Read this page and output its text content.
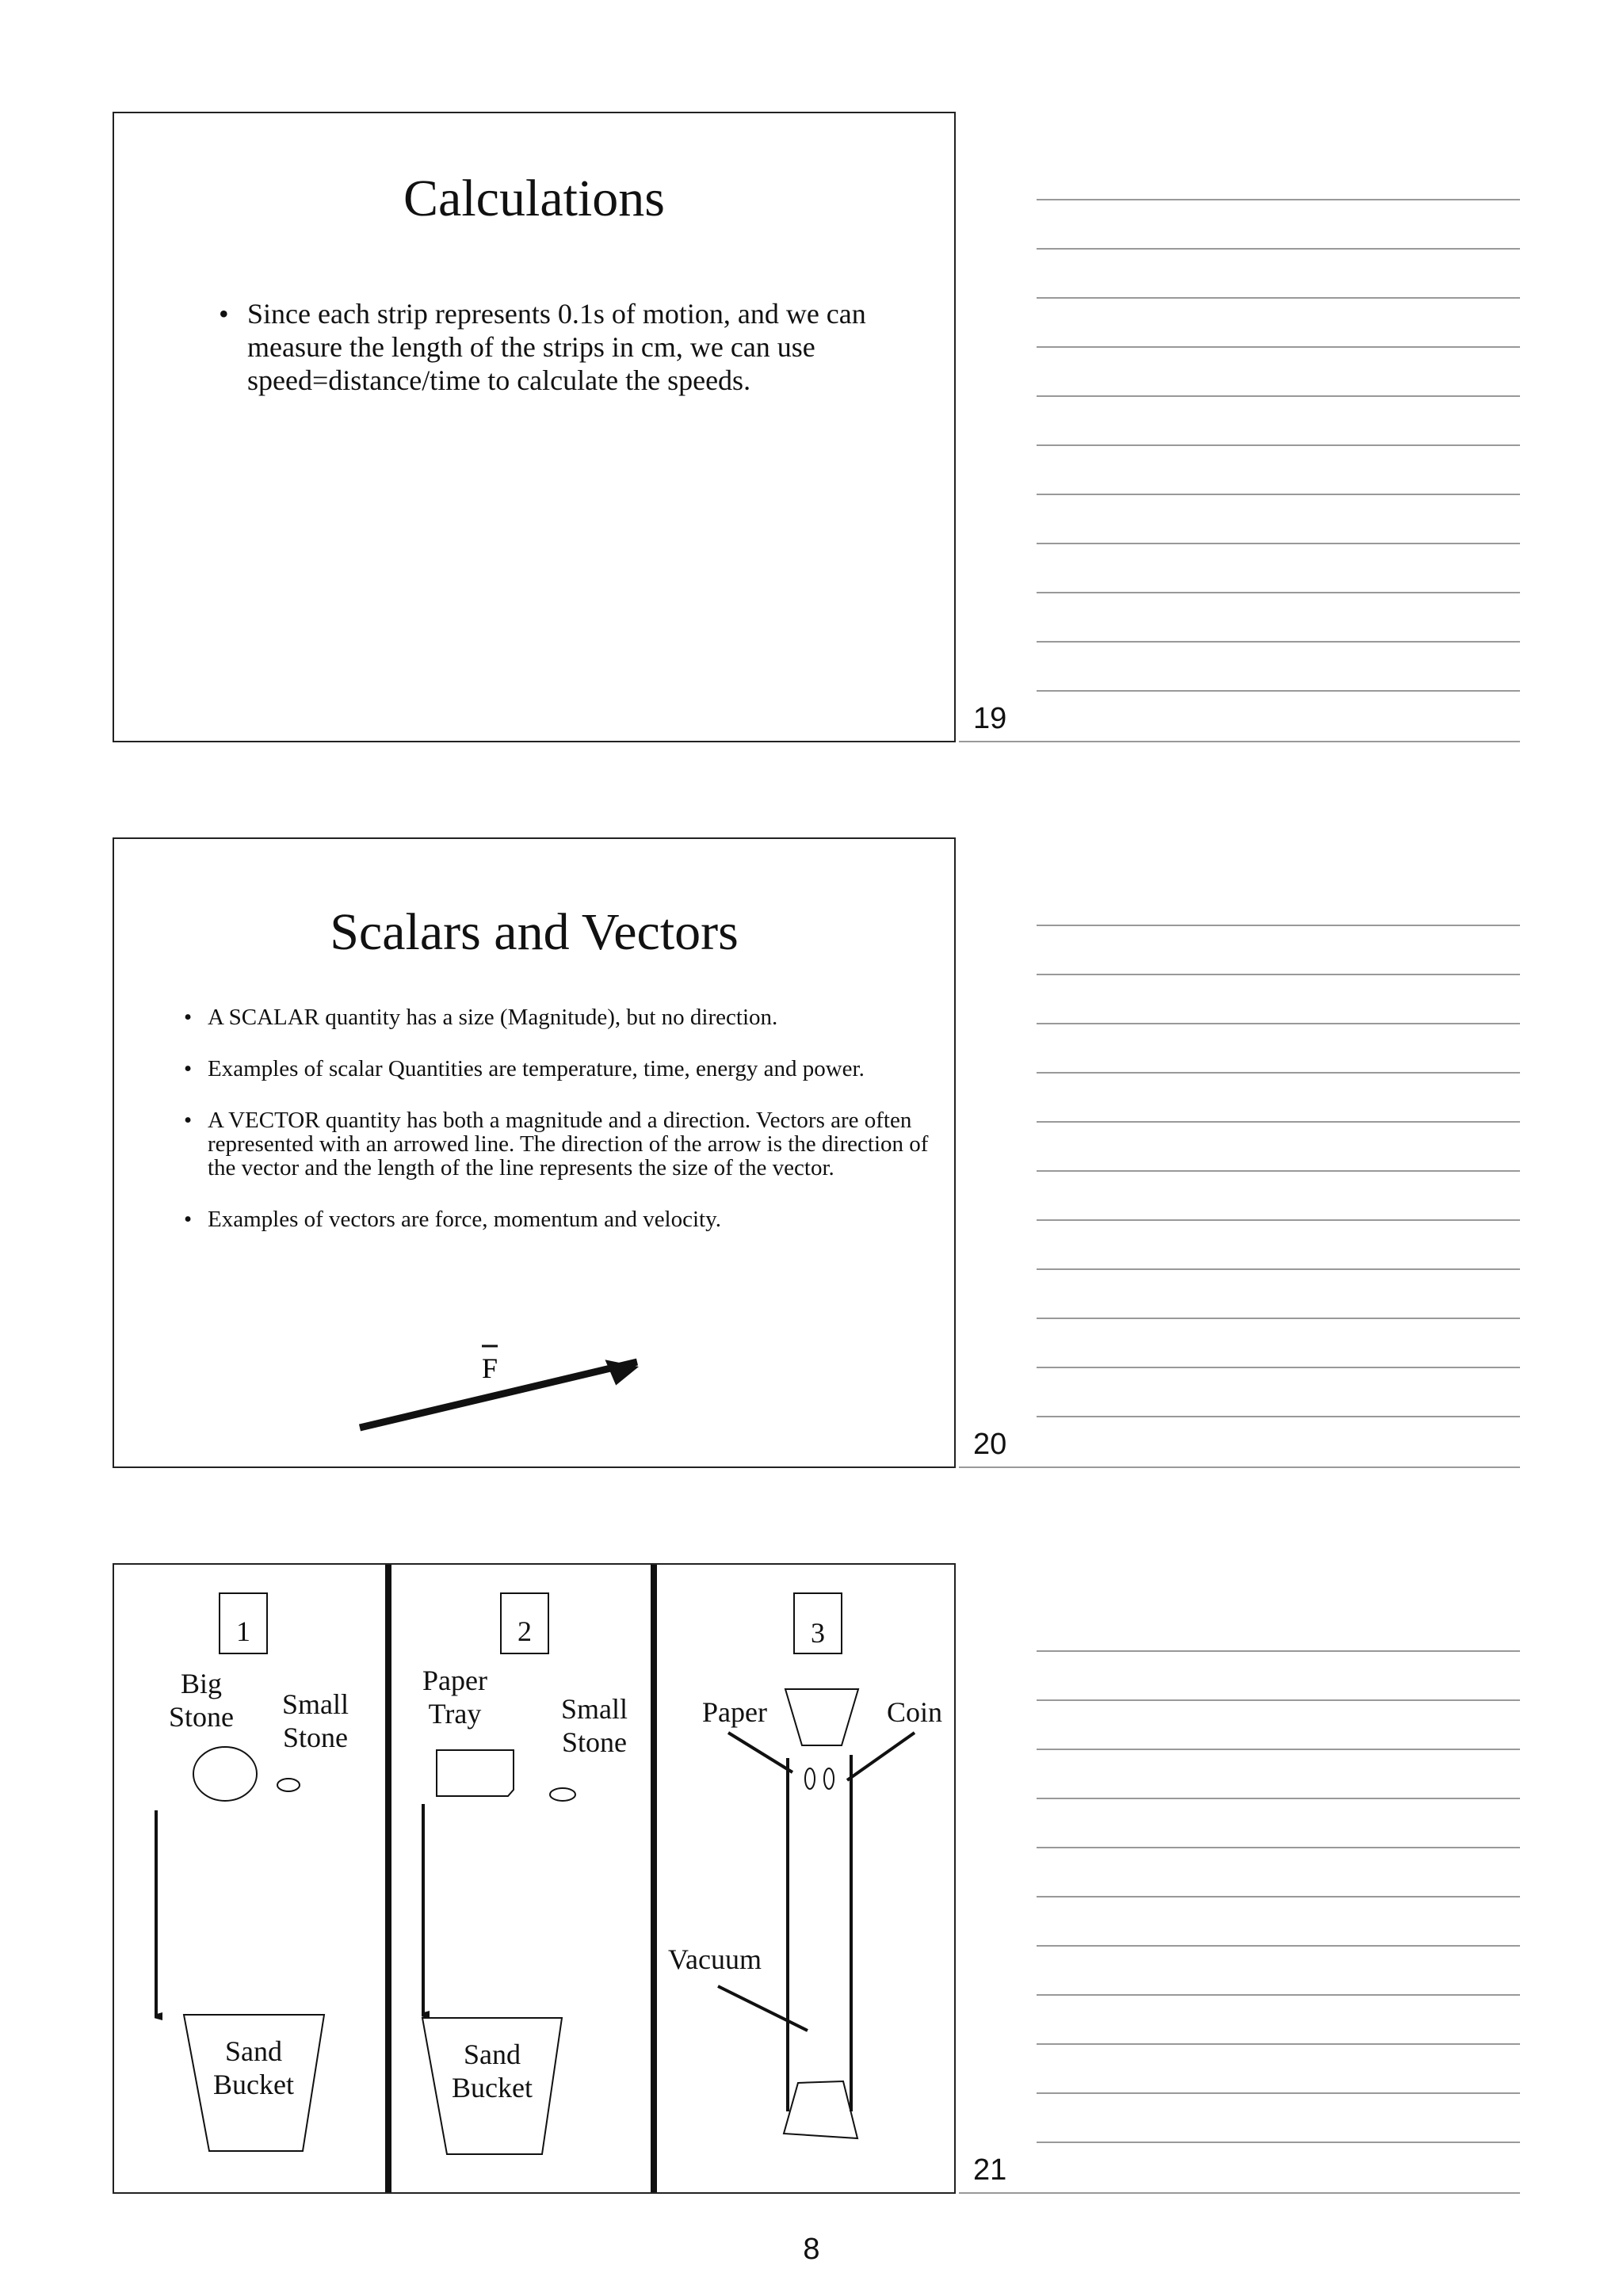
Calculations
• Since each strip represents 0.1s of motion, and we can measure the length of the strips in cm, we can use speed=distance/time to calculate the speeds.
Scalars and Vectors
• A SCALAR quantity has a size (Magnitude), but no direction.
• Examples of scalar Quantities are temperature, time, energy and power.
• A VECTOR quantity has both a magnitude and a direction. Vectors are often represented with an arrowed line. The direction of the arrow is the direction of the vector and the length of the line represents the size of the vector.
• Examples of vectors are force, momentum and velocity.
F
1
Big
Stone Small
Stone
Sand
Bucket
2
Paper
Tray	Small
Stone
Sand
Bucket
3
Paper	Coin
Vacuum
19
20
21
8
